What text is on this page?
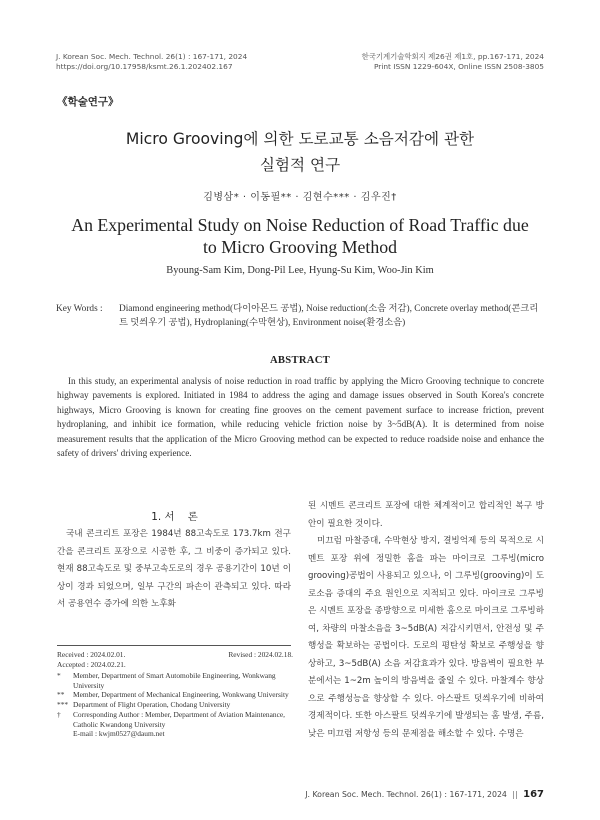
J. Korean Soc. Mech. Technol. 26(1) : 167-171, 2024
https://doi.org/10.17958/ksmt.26.1.202402.167
한국기계기술학회지 제26권 제1호, pp.167-171, 2024
Print ISSN 1229-604X, Online ISSN 2508-3805
《학술연구》
Micro Grooving에 의한 도로교통 소음저감에 관한
실험적 연구
김병삼* · 이동필** · 김현수*** · 김우진†
An Experimental Study on Noise Reduction of Road Traffic due
to Micro Grooving Method
Byoung-Sam Kim, Dong-Pil Lee, Hyung-Su Kim, Woo-Jin Kim
Key Words :	Diamond engineering method(다이아몬드 공법), Noise reduction(소음 저감), Concrete overlay method(콘크리트 덧씌우기 공법), Hydroplaning(수막현상), Environment noise(환경소음)
ABSTRACT
In this study, an experimental analysis of noise reduction in road traffic by applying the Micro Grooving technique to concrete highway pavements is explored. Initiated in 1984 to address the aging and damage issues observed in South Korea's concrete highways, Micro Grooving is known for creating fine grooves on the cement pavement surface to increase friction, prevent hydroplaning, and inhibit ice formation, while reducing vehicle friction noise by 3~5dB(A). It is determined from noise measurement results that the application of the Micro Grooving method can be expected to reduce roadside noise and enhance the safety of drivers' driving experience.
1. 서    론
국내 콘크리트 포장은 1984년 88고속도로 173.7km 전구간을 콘크리트 포장으로 시공한 후, 그 비중이 증가되고 있다. 현재 88고속도로 및 중부고속도로의 경우 공용기간이 10년 이상이 경과 되었으며, 일부 구간의 파손이 관측되고 있다. 따라서 공용연수 증가에 의한 노후화
된 시멘트 콘크리트 포장에 대한 체계적이고 합리적인 복구 방안이 필요한 것이다.
미끄럼 마찰증대, 수막현상 방지, 결빙억제 등의 목적으로 시멘트 포장 위에 정밀한 홈을 파는 마이크로 그루빙(micro grooving)공법이 사용되고 있으나, 이 그루빙(grooving)이 도로소음 증대의 주요 원인으로 지적되고 있다. 마이크로 그루빙은 시멘트 포장을 종방향으로 미세한 홈으로 마이크로 그루빙하여, 차량의 마찰소음을 3~5dB(A) 저감시키면서, 안전성 및 주행성을 확보하는 공법이다. 도로의 평탄성 확보로 주행성을 향상하고, 3~5dB(A) 소음 저감효과가 있다. 방음벽이 필요한 부분에서는 1~2m 높이의 방음벽을 줄일 수 있다. 마찰계수 향상으로 주행성능을 향상할 수 있다. 아스팔트 덧씌우기에 비하여 경제적이다. 또한 아스팔트 덧씌우기에 발생되는 홈 발생, 주름, 낮은 미끄럼 저항성 등의 문제점을 해소할 수 있다. 수명은
Received : 2024.02.01.	Revised : 2024.02.18.
Accepted : 2024.02.21.
*	Member, Department of Smart Automobile Engineering, Wonkwang University
**	Member, Department of Mechanical Engineering, Wonkwang University
*** Department of Flight Operation, Chodang University
†	Corresponding Author : Member, Department of Aviation Maintenance, Catholic Kwandong University
E-mail : kwjm0527@daum.net
J. Korean Soc. Mech. Technol. 26(1) : 167-171, 2024 || 167
